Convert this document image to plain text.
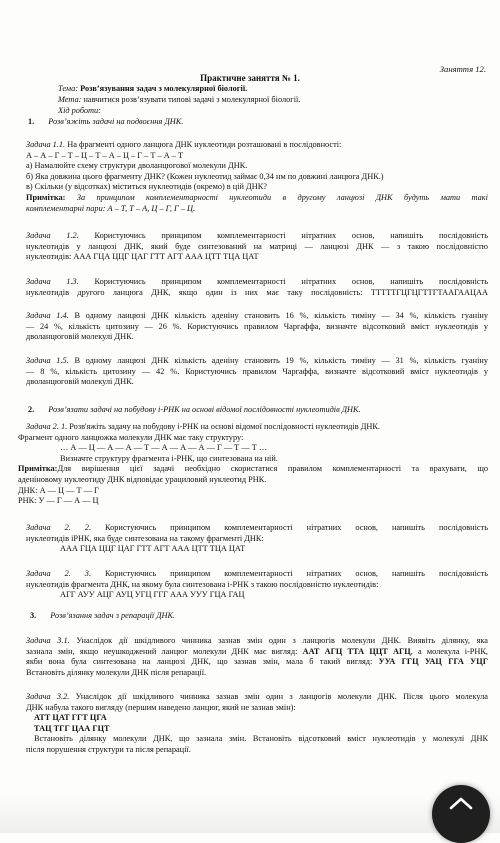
Заняття 12.
Практичне заняття № 1.
Тема: Розв’язування задач з молекулярної біології.
Мета: навчитися розв’язувати типові задачі з молекулярної біології.
Хід роботи:
1. Розв’яжіть задачі на подвоєння ДНК.
Задача 1.1. На фрагменті одного ланцюга ДНК нуклеотиди розташовані в послідовності:
А – А – Г – Т – Ц – Т – А – Ц – Г – Т – А – Т
а) Намалюйте схему структури дволанцюгової молекули ДНК.
б) Яка довжина цього фрагменту ДНК? (Кожен нуклеотид займає 0,34 нм по довжині ланцюга ДНК.)
в) Скільки (у відсотках) міститься нуклеотидів (окремо) в цій ДНК?
Примітка: За принципом комплементарності нуклеотиди в другому ланцюзі ДНК будуть мати такі
комплементарні пари: А – Т, Т – А, Ц – Г, Г – Ц.
Задача 1.2. Користуючись принципом комплементарності нітратних основ, напишіть послідовність
нуклеотидів у ланцюзі ДНК, який буде синтезований на матриці — ланцюзі ДНК — з такою послідовністю
нуклеотидів: ААА ГЦА ЦЦГ ЦАГ ГТТ АГТ ААА ЦТТ ТЦА ЦАТ
Задача 1.3. Користуючись принципом комплементарності нітратних основ, напишіть послідовність
нуклеотидів другого ланцюга ДНК, якщо один із них має таку послідовність: ТТТТТГЦГЦГТТГТААГААЦАА
Задача 1.4. В одному ланцюзі ДНК кількість аденіну становить 16 %, кількість тиміну — 34 %, кількість гуаніну
— 24 %, кількість цитозину — 26 %. Користуючись правилом Чаргаффа, визначте відсотковий вміст нуклеотидів у
дволанцюговій молекулі ДНК.
Задача 1.5. В одному ланцюзі ДНК кількість аденіну становить 19 %, кількість тиміну — 31 %, кількість гуаніну
— 8 %, кількість цитозину — 42 %. Користуючись правилом Чаргаффа, визначте відсотковий вміст нуклеотидів у
дволанцюговій молекулі ДНК.
2. Розв’язати задачі на побудову і-РНК на основі відомої послідовності нуклеотидів ДНК.
Задача 2. 1. Розв'яжіть задачу на побудову і-РНК на основі відомої послідовності нуклеотидів ДНК.
Фрагмент одного ланцюжка молекули ДНК має таку структуру:
… А — Ц — А — А — Т — А — А — А — Г — Т — Т …
Визначте структуру фрагмента і-РНК, що синтезована на ній.
Примітка:Для вирішення цієї задачі необхідно скористатися правилом комплементарності та врахувати, що
аденіновому нуклеотиду ДНК відповідає урациловий нуклеотид РНК.
ДНК: А — Ц — Т — Г
РНК: У — Г — А — Ц
Задача 2. 2. Користуючись принципом комплементарності нітратних основ, напишіть послідовність
нуклеотидів іРНК, яка буде синтезована на такому фрагменті ДНК:
ААА ГЦА ЦЦГ ЦАГ ГТТ АГТ ААА ЦТТ ТЦА ЦАТ
Задача 2. 3. Користуючись принципом комплементарності нітратних основ, напишіть послідовність
нуклеотидів фрагмента ДНК, на якому була синтезована і-РНК з такою послідовністю нуклеотидів:
АГГ АУУ АЦГ АУЦ УГЦ ГГГ ААА УУУ ГЦА ГАЦ
3. Розв’язання задач з репарації ДНК.
Задача 3.1. Унаслідок дії шкідливого чинника зазнав змін один з ланцюгів молекули ДНК. Виявіть ділянку, яка
зазнала змін, якщо неушкоджений ланцюг молекули ДНК має вигляд: ААТ АГЦ ТТА ЦЦТ АГЦ, а молекула і-РНК,
якби вона була синтезована на ланцюзі ДНК, що зазнав змін, мала б такий вигляд: УУА ГГЦ УАЦ ГГА УЦГ
Встановіть ділянку молекули ДНК після репарації.
Задача 3.2. Унаслідок дії шкідливого чинника зазнав змін один з ланцюгів молекули ДНК. Після цього молекула
ДНК набула такого вигляду (першим наведено ланцюг, який не зазнав змін):
АТТ ЦАТ ГГТ ЦГА
ТАЦ ТГГ ЦАА ГЦТ
Встановіть ділянку молекули ДНК, що зазнала змін. Встановіть відсотковий вміст нуклеотидів у молекулі ДНК
після порушення структури та після репарації.
